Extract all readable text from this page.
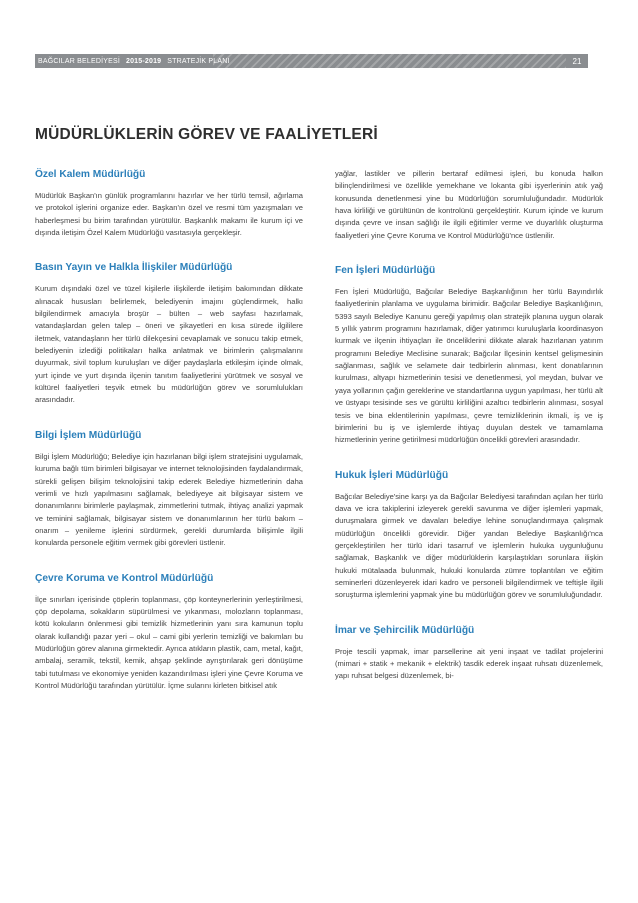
BAĞCILAR BELEDİYESİ 2015-2019 STRATEJİK PLANI	21
MÜDÜRLÜKLERİN GÖREV VE FAALİYETLERİ
Özel Kalem Müdürlüğü

Müdürlük Başkan'ın günlük programlarını hazırlar ve her türlü temsil, ağırlama ve protokol işlerini organize eder. Başkan'ın özel ve resmi tüm yazışmaları ve haberleşmesi bu birim tarafından yürütülür. Başkanlık makamı ile kurum içi ve dışında iletişim Özel Kalem Müdürlüğü vasıtasıyla gerçekleşir.

Basın Yayın ve Halkla İlişkiler Müdürlüğü

Kurum dışındaki özel ve tüzel kişilerle ilişkilerde iletişim bakımından dikkate alınacak hususları belirlemek, belediyenin imajını güçlendirmek, halkı bilgilendirmek amacıyla broşür – bülten – web sayfası hazırlamak, vatandaşlardan gelen talep – öneri ve şikayetleri en kısa sürede ilgililere iletmek, vatandaşların her türlü dilekçesini cevaplamak ve sonucu takip etmek, belediyenin izlediği politikaları halka anlatmak ve birimlerin çalışmalarını duyurmak, sivil toplum kuruluşları ve diğer paydaşlarla etkileşim içinde olmak, yurt içinde ve yurt dışında ilçenin tanıtım faaliyetlerini yürütmek ve sosyal ve kültürel faaliyetleri teşvik etmek bu müdürlüğün görev ve sorumlulukları arasındadır.

Bilgi İşlem Müdürlüğü

Bilgi İşlem Müdürlüğü; Belediye için hazırlanan bilgi işlem stratejisini uygulamak, kuruma bağlı tüm birimleri bilgisayar ve internet teknolojisinden faydalandırmak, sürekli gelişen bilişim teknolojisini takip ederek Belediye hizmetlerinin daha verimli ve hızlı yapılmasını sağlamak, belediyeye ait bilgisayar sistem ve donanımlarını birimlerle paylaşmak, zimmetlerini tutmak, ihtiyaç analizi yapmak ve teminini sağlamak, bilgisayar sistem ve donanımlarının her türlü bakım – onarım – yenileme işlerini sürdürmek, gerekli durumlarda bilişimle ilgili konularda personele eğitim vermek gibi görevleri üstlenir.

Çevre Koruma ve Kontrol Müdürlüğü

İlçe sınırları içerisinde çöplerin toplanması, çöp konteynerlerinin yerleştirilmesi, çöp depolama, sokakların süpürülmesi ve yıkanması, molozların toplanması, kötü kokuların önlenmesi gibi temizlik hizmetlerinin yanı sıra kamunun toplu olarak kullandığı pazar yeri – okul – cami gibi yerlerin temizliği ve bakımları bu Müdürlüğün görev alanına girmektedir. Ayrıca atıkların plastik, cam, metal, kağıt, ambalaj, seramik, tekstil, kemik, ahşap şeklinde ayrıştırılarak geri dönüşüme tabi tutulması ve ekonomiye yeniden kazandırılması işleri yine Çevre Koruma ve Kontrol Müdürlüğü tarafından yürütülür. İçme sularını kirleten bitkisel atık

yağlar, lastikler ve pillerin bertaraf edilmesi işleri, bu konuda halkın bilinçlendirilmesi ve özellikle yemekhane ve lokanta gibi işyerlerinin atık yağ konusunda denetlenmesi yine bu Müdürlüğün sorumluluğundadır. Müdürlük hava kirliliği ve gürültünün de kontrolünü gerçekleştirir. Kurum içinde ve kurum dışında çevre ve insan sağlığı ile ilgili eğitimler verme ve duyarlılık oluşturma faaliyetleri yine Çevre Koruma ve Kontrol Müdürlüğü'nce üstlenilir.

Fen İşleri Müdürlüğü

Fen İşleri Müdürlüğü, Bağcılar Belediye Başkanlığının her türlü Bayındırlık faaliyetlerinin planlama ve uygulama birimidir. Bağcılar Belediye Başkanlığının, 5393 sayılı Belediye Kanunu gereği yapılmış olan stratejik planına uygun olarak 5 yıllık yatırım programını hazırlamak, diğer yatırımcı kuruluşlarla koordinasyon kurmak ve ilçenin ihtiyaçları ile önceliklerini dikkate alarak hazırlanan yatırım programını Belediye Meclisine sunarak; Bağcılar İlçesinin kentsel gelişmesinin sağlanması, sağlık ve selamete dair tedbirlerin alınması, kent donatılarının kurulması, altyapı hizmetlerinin tesisi ve denetlenmesi, yol meydan, bulvar ve yaya yollarının çağın gereklerine ve standartlarına uygun yapılması, her türlü alt ve üstyapı tesisinde ses ve gürültü kirliliğini azaltıcı tedbirlerin alınması, sosyal tesis ve bina eklentilerinin yapılması, çevre temizliklerinin ikmali, iş ve iş birimlerini bu iş ve işlemlerde ihtiyaç duyulan destek ve tamamlama hizmetlerinin yerine getirilmesi müdürlüğün öncelikli görevleri arasındadır.

Hukuk İşleri Müdürlüğü

Bağcılar Belediye'sine karşı ya da Bağcılar Belediyesi tarafından açılan her türlü dava ve icra takiplerini izleyerek gerekli savunma ve diğer işlemleri yapmak, duruşmalara girmek ve davaları belediye lehine sonuçlandırmaya çalışmak müdürlüğün öncelikli görevidir. Diğer yandan Belediye Başkanlığı'nca gerçekleştirilen her türlü idari tasarruf ve işlemlerin hukuka uygunluğunu sağlamak, Başkanlık ve diğer müdürlüklerin karşılaştıkları sorunlara ilişkin hukuki mütalaada bulunmak, hukuki konularda zümre toplantıları ve eğitim seminerleri düzenleyerek idari kadro ve personeli bilgilendirmek ve teftişle ilgili soruşturma işlemlerini yapmak yine bu müdürlüğün görev ve sorumluluğundadır.

İmar ve Şehircilik Müdürlüğü

Proje tescili yapmak, imar parsellerine ait yeni inşaat ve tadilat projelerini (mimari + statik + mekanik + elektrik) tasdik ederek inşaat ruhsatı düzenlemek, yapı ruhsat belgesi düzenlemek, bi-
